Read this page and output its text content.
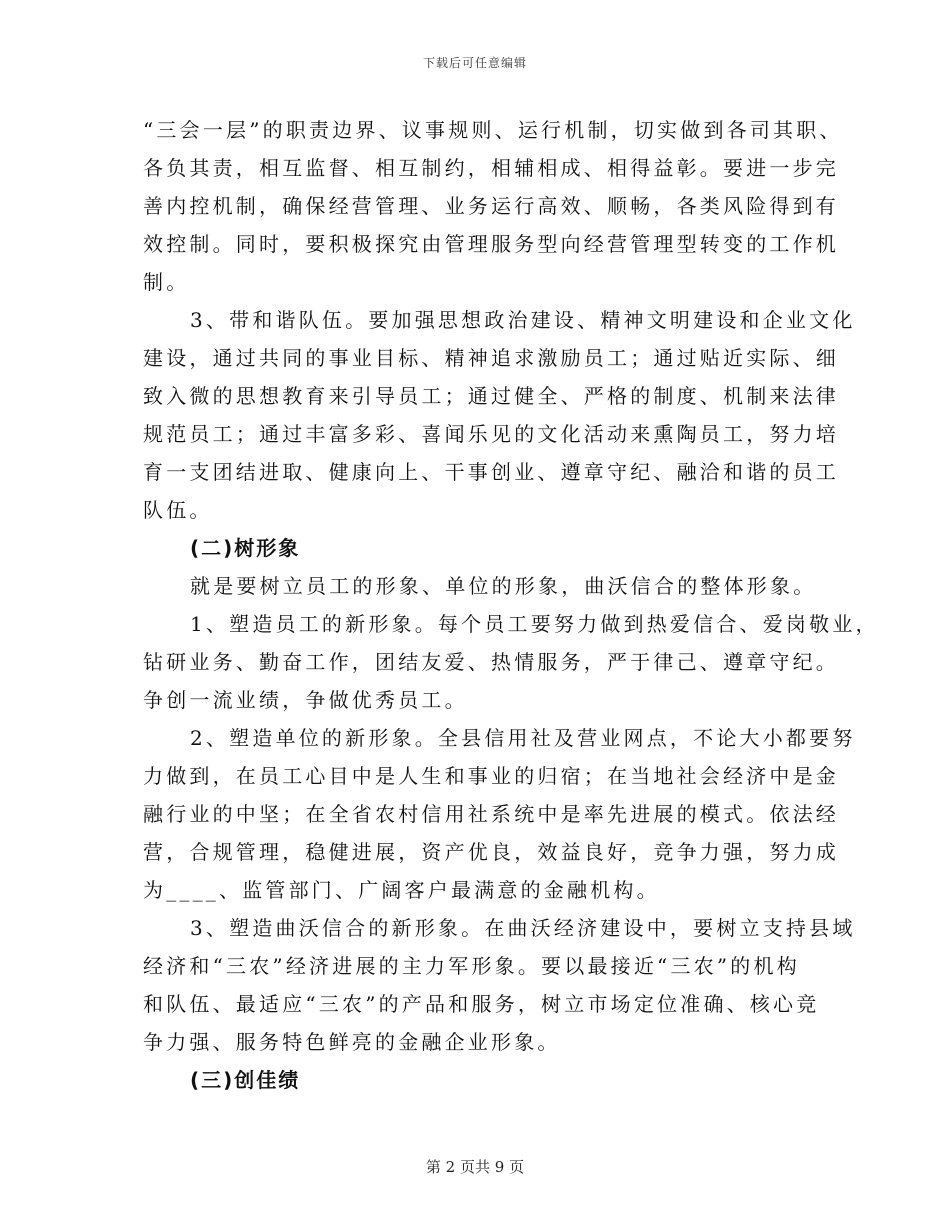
下载后可任意编辑
“三会一层”的职责边界、议事规则、运行机制，切实做到各司其职、
各负其责，相互监督、相互制约，相辅相成、相得益彰。要进一步完
善内控机制，确保经营管理、业务运行高效、顺畅，各类风险得到有
效控制。同时，要积极探究由管理服务型向经营管理型转变的工作机
制。
3、带和谐队伍。要加强思想政治建设、精神文明建设和企业文化
建设，通过共同的事业目标、精神追求激励员工；通过贴近实际、细
致入微的思想教育来引导员工；通过健全、严格的制度、机制来法律
规范员工；通过丰富多彩、喜闻乐见的文化活动来熏陶员工，努力培
育一支团结进取、健康向上、干事创业、遵章守纪、融洽和谐的员工
队伍。
(二)树形象
就是要树立员工的形象、单位的形象，曲沃信合的整体形象。
1、塑造员工的新形象。每个员工要努力做到热爱信合、爱岗敬业，
钻研业务、勤奋工作，团结友爱、热情服务，严于律己、遵章守纪。
争创一流业绩，争做优秀员工。
2、塑造单位的新形象。全县信用社及营业网点，不论大小都要努
力做到，在员工心目中是人生和事业的归宿；在当地社会经济中是金
融行业的中坚；在全省农村信用社系统中是率先进展的模式。依法经
营，合规管理，稳健进展，资产优良，效益良好，竞争力强，努力成
为____、监管部门、广阔客户最满意的金融机构。
3、塑造曲沃信合的新形象。在曲沃经济建设中，要树立支持县域
经济和“三农”经济进展的主力军形象。要以最接近“三农”的机构
和队伍、最适应“三农”的产品和服务，树立市场定位准确、核心竞
争力强、服务特色鲜亮的金融企业形象。
(三)创佳绩
第 2 页共 9 页
